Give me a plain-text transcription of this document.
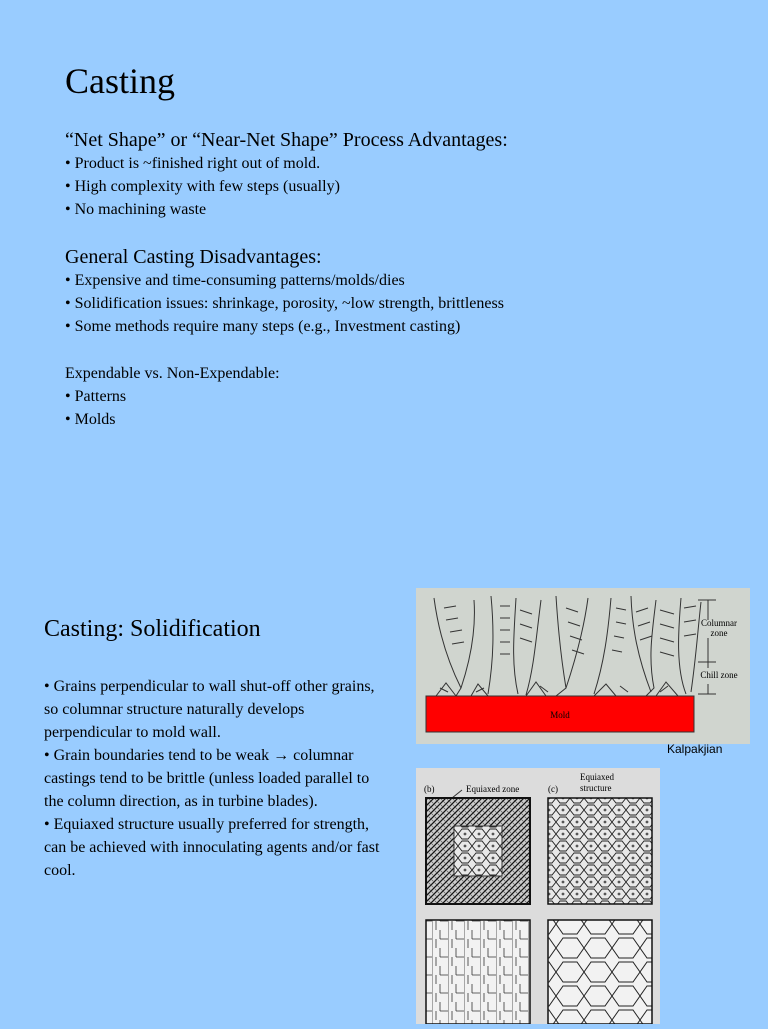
Casting
“Net Shape” or “Near-Net Shape” Process Advantages:
• Product is ~finished right out of mold.
• High complexity with few steps (usually)
• No machining waste
General Casting Disadvantages:
• Expensive and time-consuming patterns/molds/dies
• Solidification issues: shrinkage, porosity, ~low strength, brittleness
• Some methods require many steps (e.g., Investment casting)
Expendable vs. Non-Expendable:
• Patterns
• Molds
Casting: Solidification

• Grains perpendicular to wall shut-off other grains, so columnar structure naturally develops perpendicular to mold wall.

• Grain boundaries tend to be weak → columnar castings tend to be brittle (unless loaded parallel to the column direction, as in turbine blades).

• Equiaxed structure usually preferred for strength, can be achieved with innoculating agents and/or fast cool.

Mold
Columnar
zone
Chill zone
Kalpakjian
(b)	Equiaxed zone	(c)
Equiaxed
structure
